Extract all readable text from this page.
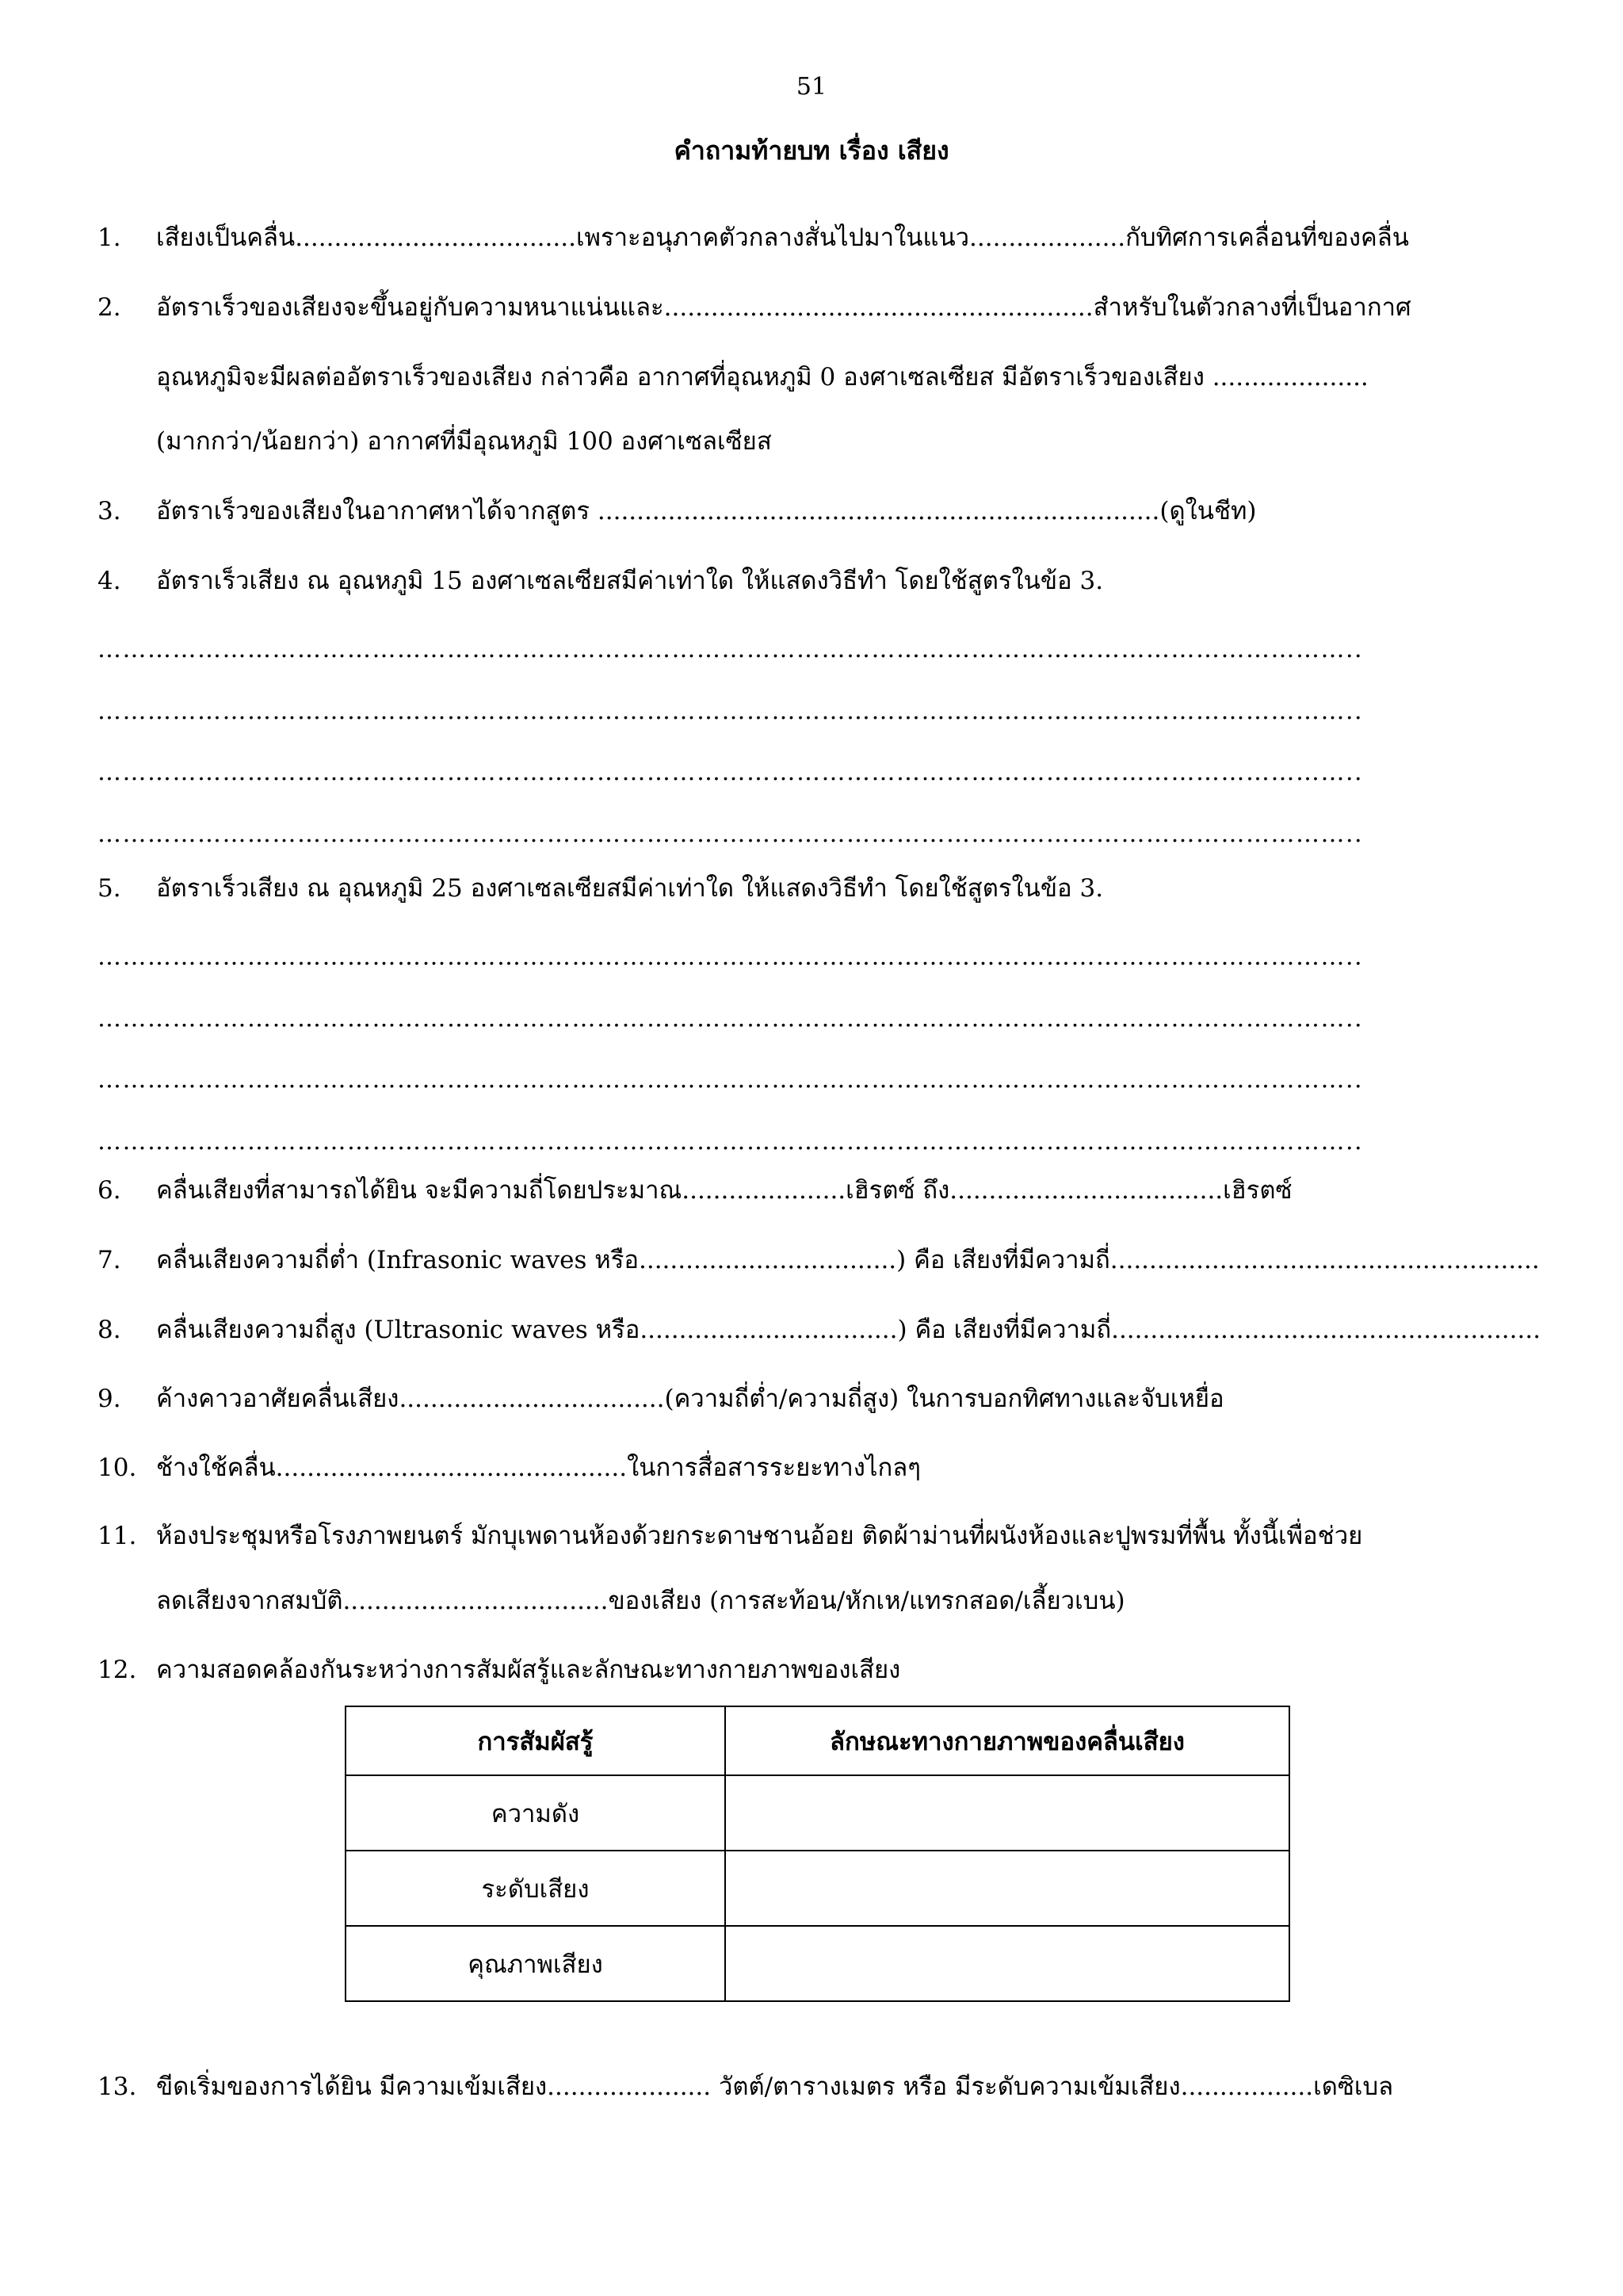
51
คำถามท้ายบท เรื่อง เสียง
1. เสียงเป็นคลื่น....................................เพราะอนุภาคตัวกลางสั่นไปมาในแนว....................กับทิศการเคลื่อนที่ของคลื่น
2. อัตราเร็วของเสียงจะขึ้นอยู่กับความหนาแน่นและ.......................................................สำหรับในตัวกลางที่เป็นอากาศ
อุณหภูมิจะมีผลต่ออัตราเร็วของเสียง กล่าวคือ อากาศที่อุณหภูมิ 0 องศาเซลเซียส มีอัตราเร็วของเสียง ....................
(มากกว่า/น้อยกว่า) อากาศที่มีอุณหภูมิ 100 องศาเซลเซียส
3. อัตราเร็วของเสียงในอากาศหาได้จากสูตร ........................................................................(ดูในชีท)
4. อัตราเร็วเสียง ณ อุณหภูมิ 15 องศาเซลเซียสมีค่าเท่าใด ให้แสดงวิธีทำ โดยใช้สูตรในข้อ 3.
……………………………………………………………………………………………………………………………………..
……………………………………………………………………………………………………………………………………..
……………………………………………………………………………………………………………………………………..
……………………………………………………………………………………………………………………………………..
5. อัตราเร็วเสียง ณ อุณหภูมิ 25 องศาเซลเซียสมีค่าเท่าใด ให้แสดงวิธีทำ โดยใช้สูตรในข้อ 3.
……………………………………………………………………………………………………………………………………..
……………………………………………………………………………………………………………………………………..
……………………………………………………………………………………………………………………………………..
……………………………………………………………………………………………………………………………………..
6. คลื่นเสียงที่สามารถได้ยิน จะมีความถี่โดยประมาณ.....................เฮิรตซ์ ถึง...................................เฮิรตซ์
7. คลื่นเสียงความถี่ต่ำ (Infrasonic waves หรือ.................................) คือ เสียงที่มีความถี่.......................................................
8. คลื่นเสียงความถี่สูง (Ultrasonic waves หรือ.................................) คือ เสียงที่มีความถี่.......................................................
9. ค้างคาวอาศัยคลื่นเสียง..................................(ความถี่ต่ำ/ความถี่สูง) ในการบอกทิศทางและจับเหยื่อ
10. ช้างใช้คลื่น.............................................ในการสื่อสารระยะทางไกลๆ
11. ห้องประชุมหรือโรงภาพยนตร์ มักบุเพดานห้องด้วยกระดาษชานอ้อย ติดผ้าม่านที่ผนังห้องและปูพรมที่พื้น ทั้งนี้เพื่อช่วย
ลดเสียงจากสมบัติ..................................ของเสียง (การสะท้อน/หักเห/แทรกสอด/เลี้ยวเบน)
12. ความสอดคล้องกันระหว่างการสัมผัสรู้และลักษณะทางกายภาพของเสียง
การสัมผัสรู้	ลักษณะทางกายภาพของคลื่นเสียง
ความดัง	
ระดับเสียง	
คุณภาพเสียง	
13. ขีดเริ่มของการได้ยิน มีความเข้มเสียง..................... วัตต์/ตารางเมตร หรือ มีระดับความเข้มเสียง.................เดซิเบล
